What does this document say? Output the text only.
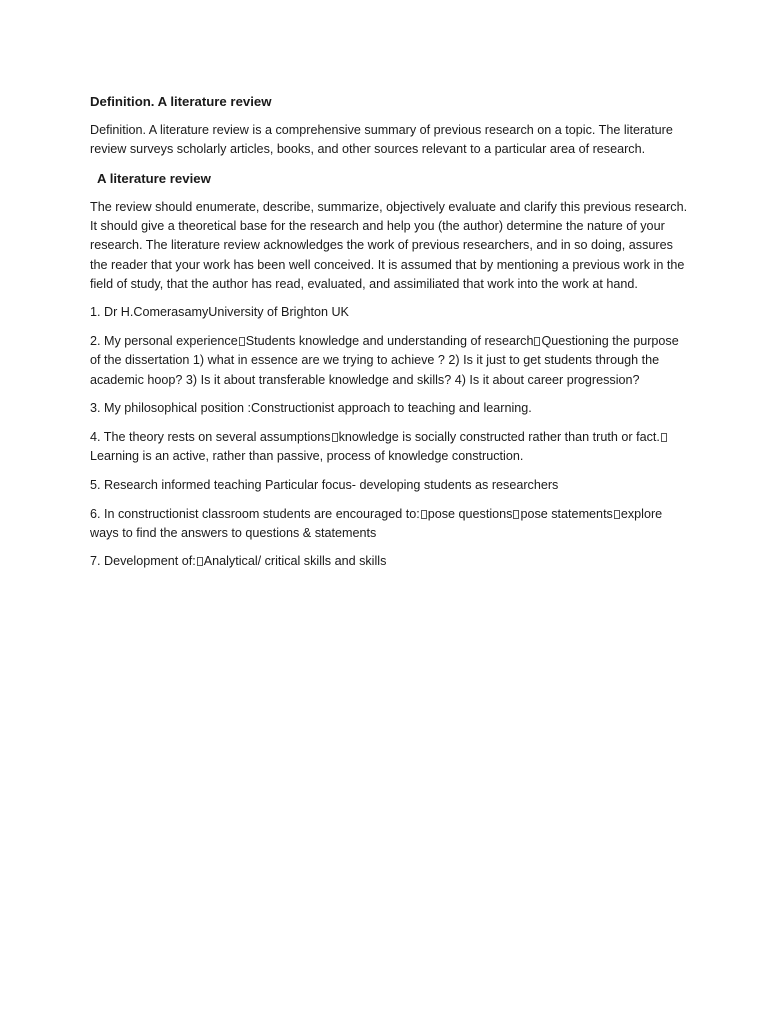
Definition. A literature review

Definition. A literature review is a comprehensive summary of previous research on a topic. The literature review surveys scholarly articles, books, and other sources relevant to a particular area of research.

A literature review

The review should enumerate, describe, summarize, objectively evaluate and clarify this previous research. It should give a theoretical base for the research and help you (the author) determine the nature of your research. The literature review acknowledges the work of previous researchers, and in so doing, assures the reader that your work has been well conceived. It is assumed that by mentioning a previous work in the field of study, that the author has read, evaluated, and assimiliated that work into the work at hand.

1. Dr H.ComerasamyUniversity of Brighton UK

2. My personal experience Students knowledge and understanding of research Questioning the purpose of the dissertation 1) what in essence are we trying to achieve ? 2) Is it just to get students through the academic hoop? 3) Is it about transferable knowledge and skills? 4) Is it about career progression?

3. My philosophical position :Constructionist approach to teaching and learning.

4. The theory rests on several assumptions knowledge is socially constructed rather than truth or fact.
Learning is an active, rather than passive, process of knowledge construction.

5. Research informed teaching Particular focus- developing students as researchers

6. In constructionist classroom students are encouraged to: pose questions pose statements explore ways to find the answers to questions & statements

7. Development of: Analytical/ critical skills and skills
